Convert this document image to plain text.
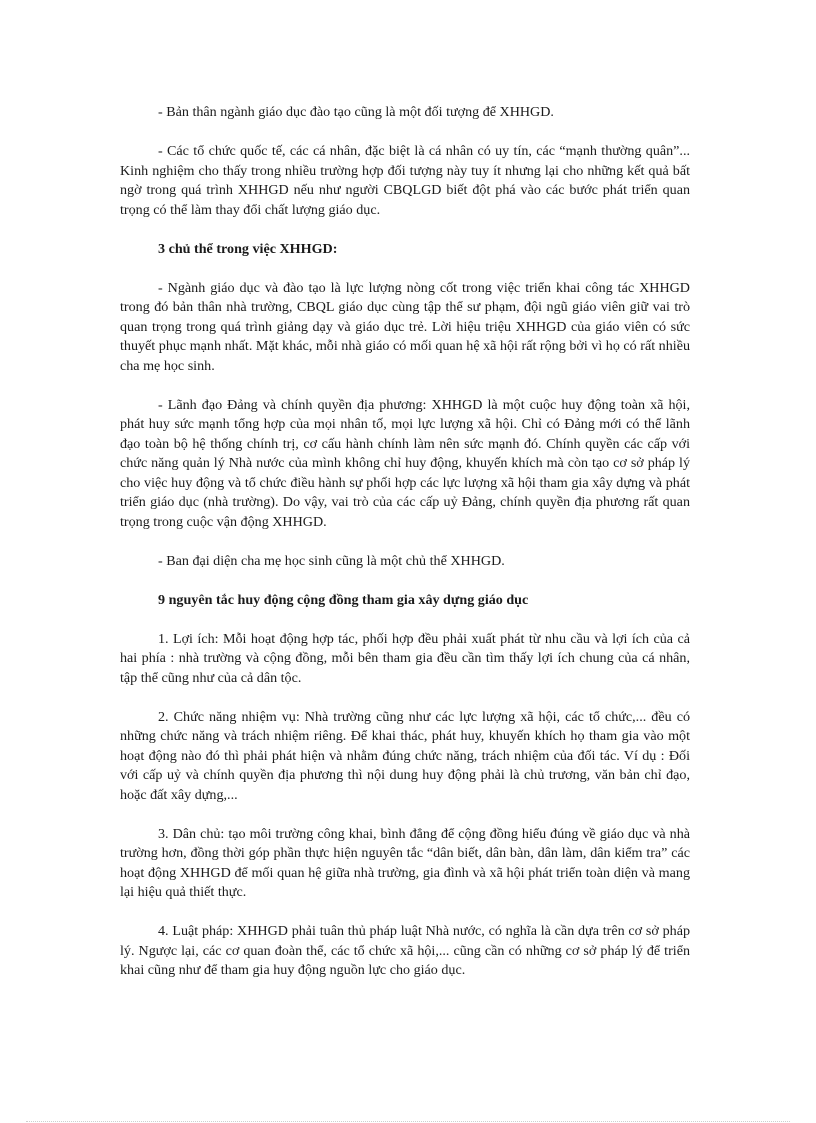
- Bản thân ngành giáo dục đào tạo cũng là một đối tượng để XHHGD.

- Các tổ chức quốc tế, các cá nhân, đặc biệt là cá nhân có uy tín, các “mạnh thường quân”... Kinh nghiệm cho thấy trong nhiều trường hợp đối tượng này tuy ít nhưng lại cho những kết quả bất ngờ trong quá trình XHHGD nếu như người CBQLGD biết đột phá vào các bước phát triển quan trọng có thể làm thay đổi chất lượng giáo dục.

3 chủ thể trong việc XHHGD:

- Ngành giáo dục và đào tạo là lực lượng nòng cốt trong việc triển khai công tác XHHGD trong đó bản thân nhà trường, CBQL giáo dục cùng tập thể sư phạm, đội ngũ giáo viên giữ vai trò quan trọng trong quá trình giảng dạy và giáo dục trẻ. Lời hiệu triệu XHHGD của giáo viên có sức thuyết phục mạnh nhất. Mặt khác, mỗi nhà giáo có mối quan hệ xã hội rất rộng bởi vì họ có rất nhiều cha mẹ học sinh.

- Lãnh đạo Đảng và chính quyền địa phương: XHHGD là một cuộc huy động toàn xã hội, phát huy sức mạnh tổng hợp của mọi nhân tố, mọi lực lượng xã hội. Chỉ có Đảng mới có thể lãnh đạo toàn bộ hệ thống chính trị, cơ cấu hành chính làm nên sức mạnh đó. Chính quyền các cấp với chức năng quản lý Nhà nước của mình không chỉ huy động, khuyến khích mà còn tạo cơ sở pháp lý cho việc huy động và tổ chức điều hành sự phối hợp các lực lượng xã hội tham gia xây dựng và phát triển giáo dục (nhà trường). Do vậy, vai trò của các cấp uỷ Đảng, chính quyền địa phương rất quan trọng trong cuộc vận động XHHGD.

- Ban đại diện cha mẹ học sinh cũng là một chủ thể XHHGD.

9 nguyên tắc huy động cộng đồng tham gia xây dựng giáo dục

1. Lợi ích: Mỗi hoạt động hợp tác, phối hợp đều phải xuất phát từ nhu cầu và lợi ích của cả hai phía : nhà trường và cộng đồng, mỗi bên tham gia đều cần tìm thấy lợi ích chung của cá nhân, tập thể cũng như của cả dân tộc.

2. Chức năng nhiệm vụ: Nhà trường cũng như các lực lượng xã hội, các tổ chức,... đều có những chức năng và trách nhiệm riêng. Để khai thác, phát huy, khuyến khích họ tham gia vào một hoạt động nào đó thì phải phát hiện và nhằm đúng chức năng, trách nhiệm của đối tác. Ví dụ : Đối với cấp uỷ và chính quyền địa phương thì nội dung huy động phải là chủ trương, văn bản chỉ đạo, hoặc đất xây dựng,...

3. Dân chủ: tạo môi trường công khai, bình đẳng để cộng đồng hiểu đúng về giáo dục và nhà trường hơn, đồng thời góp phần thực hiện nguyên tắc “dân biết, dân bàn, dân làm, dân kiểm tra” các hoạt động XHHGD để mối quan hệ giữa nhà trường, gia đình và xã hội phát triển toàn diện và mang lại hiệu quả thiết thực.

4. Luật pháp: XHHGD phải tuân thủ pháp luật Nhà nước, có nghĩa là cần dựa trên cơ sở pháp lý. Ngược lại, các cơ quan đoàn thể, các tổ chức xã hội,... cũng cần có những cơ sở pháp lý để triển khai cũng như để tham gia huy động nguồn lực cho giáo dục.
